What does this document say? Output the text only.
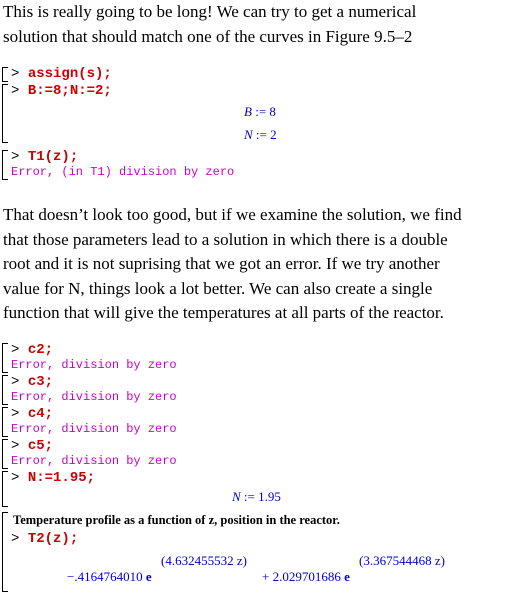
This is really going to be long! We can try to get a numerical
solution that should match one of the curves in Figure 9.5–2
> assign(s);
> B:=8;N:=2;
B := 8
N := 2
> T1(z);
Error, (in T1) division by zero
That doesn’t look too good, but if we examine the solution, we find
that those parameters lead to a solution in which there is a double
root and it is not suprising that we got an error. If we try another
value for N, things look a lot better. We can also create a single
function that will give the temperatures at all parts of the reactor.
> c2;
Error, division by zero
> c3;
Error, division by zero
> c4;
Error, division by zero
> c5;
Error, division by zero
> N:=1.95;
N := 1.95
Temperature profile as a function of z, position in the reactor.
> T2(z);
(4.632455532 z)	(3.367544468 z)
−.4164764010 e	+ 2.029701686 e
